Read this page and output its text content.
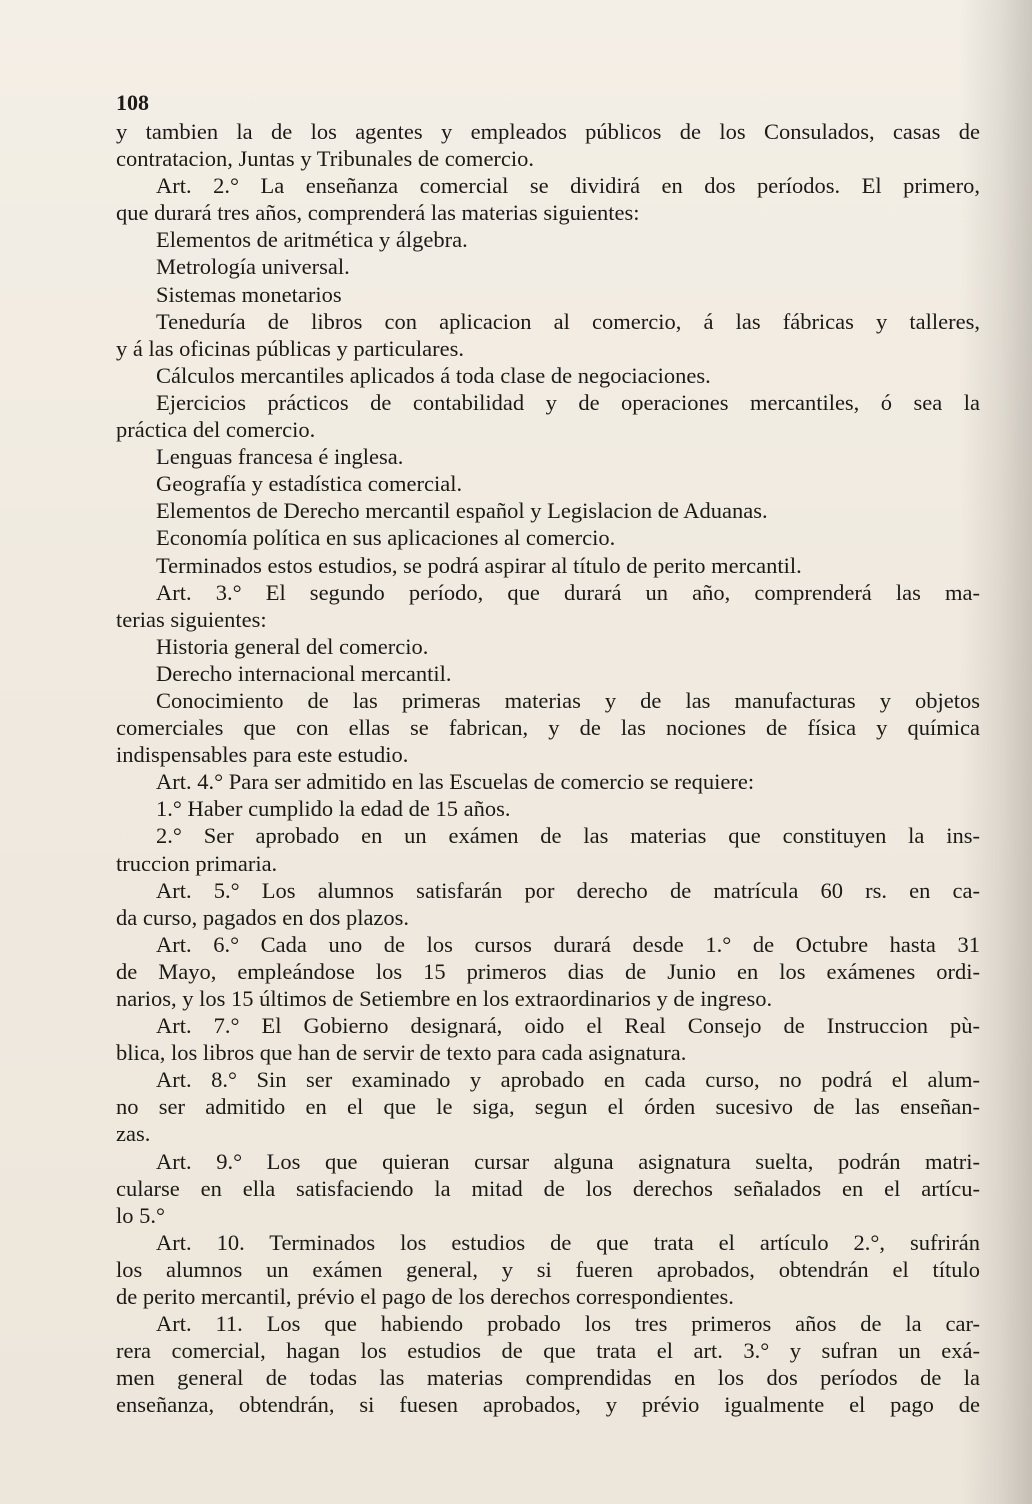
108
y tambien la de los agentes y empleados públicos de los Consulados, casas de
contratacion, Juntas y Tribunales de comercio.
Art. 2.° La enseñanza comercial se dividirá en dos períodos. El primero,
que durará tres años, comprenderá las materias siguientes:
Elementos de aritmética y álgebra.
Metrología universal.
Sistemas monetarios
Teneduría de libros con aplicacion al comercio, á las fábricas y talleres,
y á las oficinas públicas y particulares.
Cálculos mercantiles aplicados á toda clase de negociaciones.
Ejercicios prácticos de contabilidad y de operaciones mercantiles, ó sea la
práctica del comercio.
Lenguas francesa é inglesa.
Geografía y estadística comercial.
Elementos de Derecho mercantil español y Legislacion de Aduanas.
Economía política en sus aplicaciones al comercio.
Terminados estos estudios, se podrá aspirar al título de perito mercantil.
Art. 3.° El segundo período, que durará un año, comprenderá las ma-
terias siguientes:
Historia general del comercio.
Derecho internacional mercantil.
Conocimiento de las primeras materias y de las manufacturas y objetos
comerciales que con ellas se fabrican, y de las nociones de física y química
indispensables para este estudio.
Art. 4.° Para ser admitido en las Escuelas de comercio se requiere:
1.° Haber cumplido la edad de 15 años.
2.° Ser aprobado en un exámen de las materias que constituyen la ins-
truccion primaria.
Art. 5.° Los alumnos satisfarán por derecho de matrícula 60 rs. en ca-
da curso, pagados en dos plazos.
Art. 6.° Cada uno de los cursos durará desde 1.° de Octubre hasta 31
de Mayo, empleándose los 15 primeros dias de Junio en los exámenes ordi-
narios, y los 15 últimos de Setiembre en los extraordinarios y de ingreso.
Art. 7.° El Gobierno designará, oido el Real Consejo de Instruccion pù-
blica, los libros que han de servir de texto para cada asignatura.
Art. 8.° Sin ser examinado y aprobado en cada curso, no podrá el alum-
no ser admitido en el que le siga, segun el órden sucesivo de las enseñan-
zas.
Art. 9.° Los que quieran cursar alguna asignatura suelta, podrán matri-
cularse en ella satisfaciendo la mitad de los derechos señalados en el artícu-
lo 5.°
Art. 10. Terminados los estudios de que trata el artículo 2.°, sufrirán
los alumnos un exámen general, y si fueren aprobados, obtendrán el título
de perito mercantil, prévio el pago de los derechos correspondientes.
Art. 11. Los que habiendo probado los tres primeros años de la car-
rera comercial, hagan los estudios de que trata el art. 3.° y sufran un exá-
men general de todas las materias comprendidas en los dos períodos de la
enseñanza, obtendrán, si fuesen aprobados, y prévio igualmente el pago de
